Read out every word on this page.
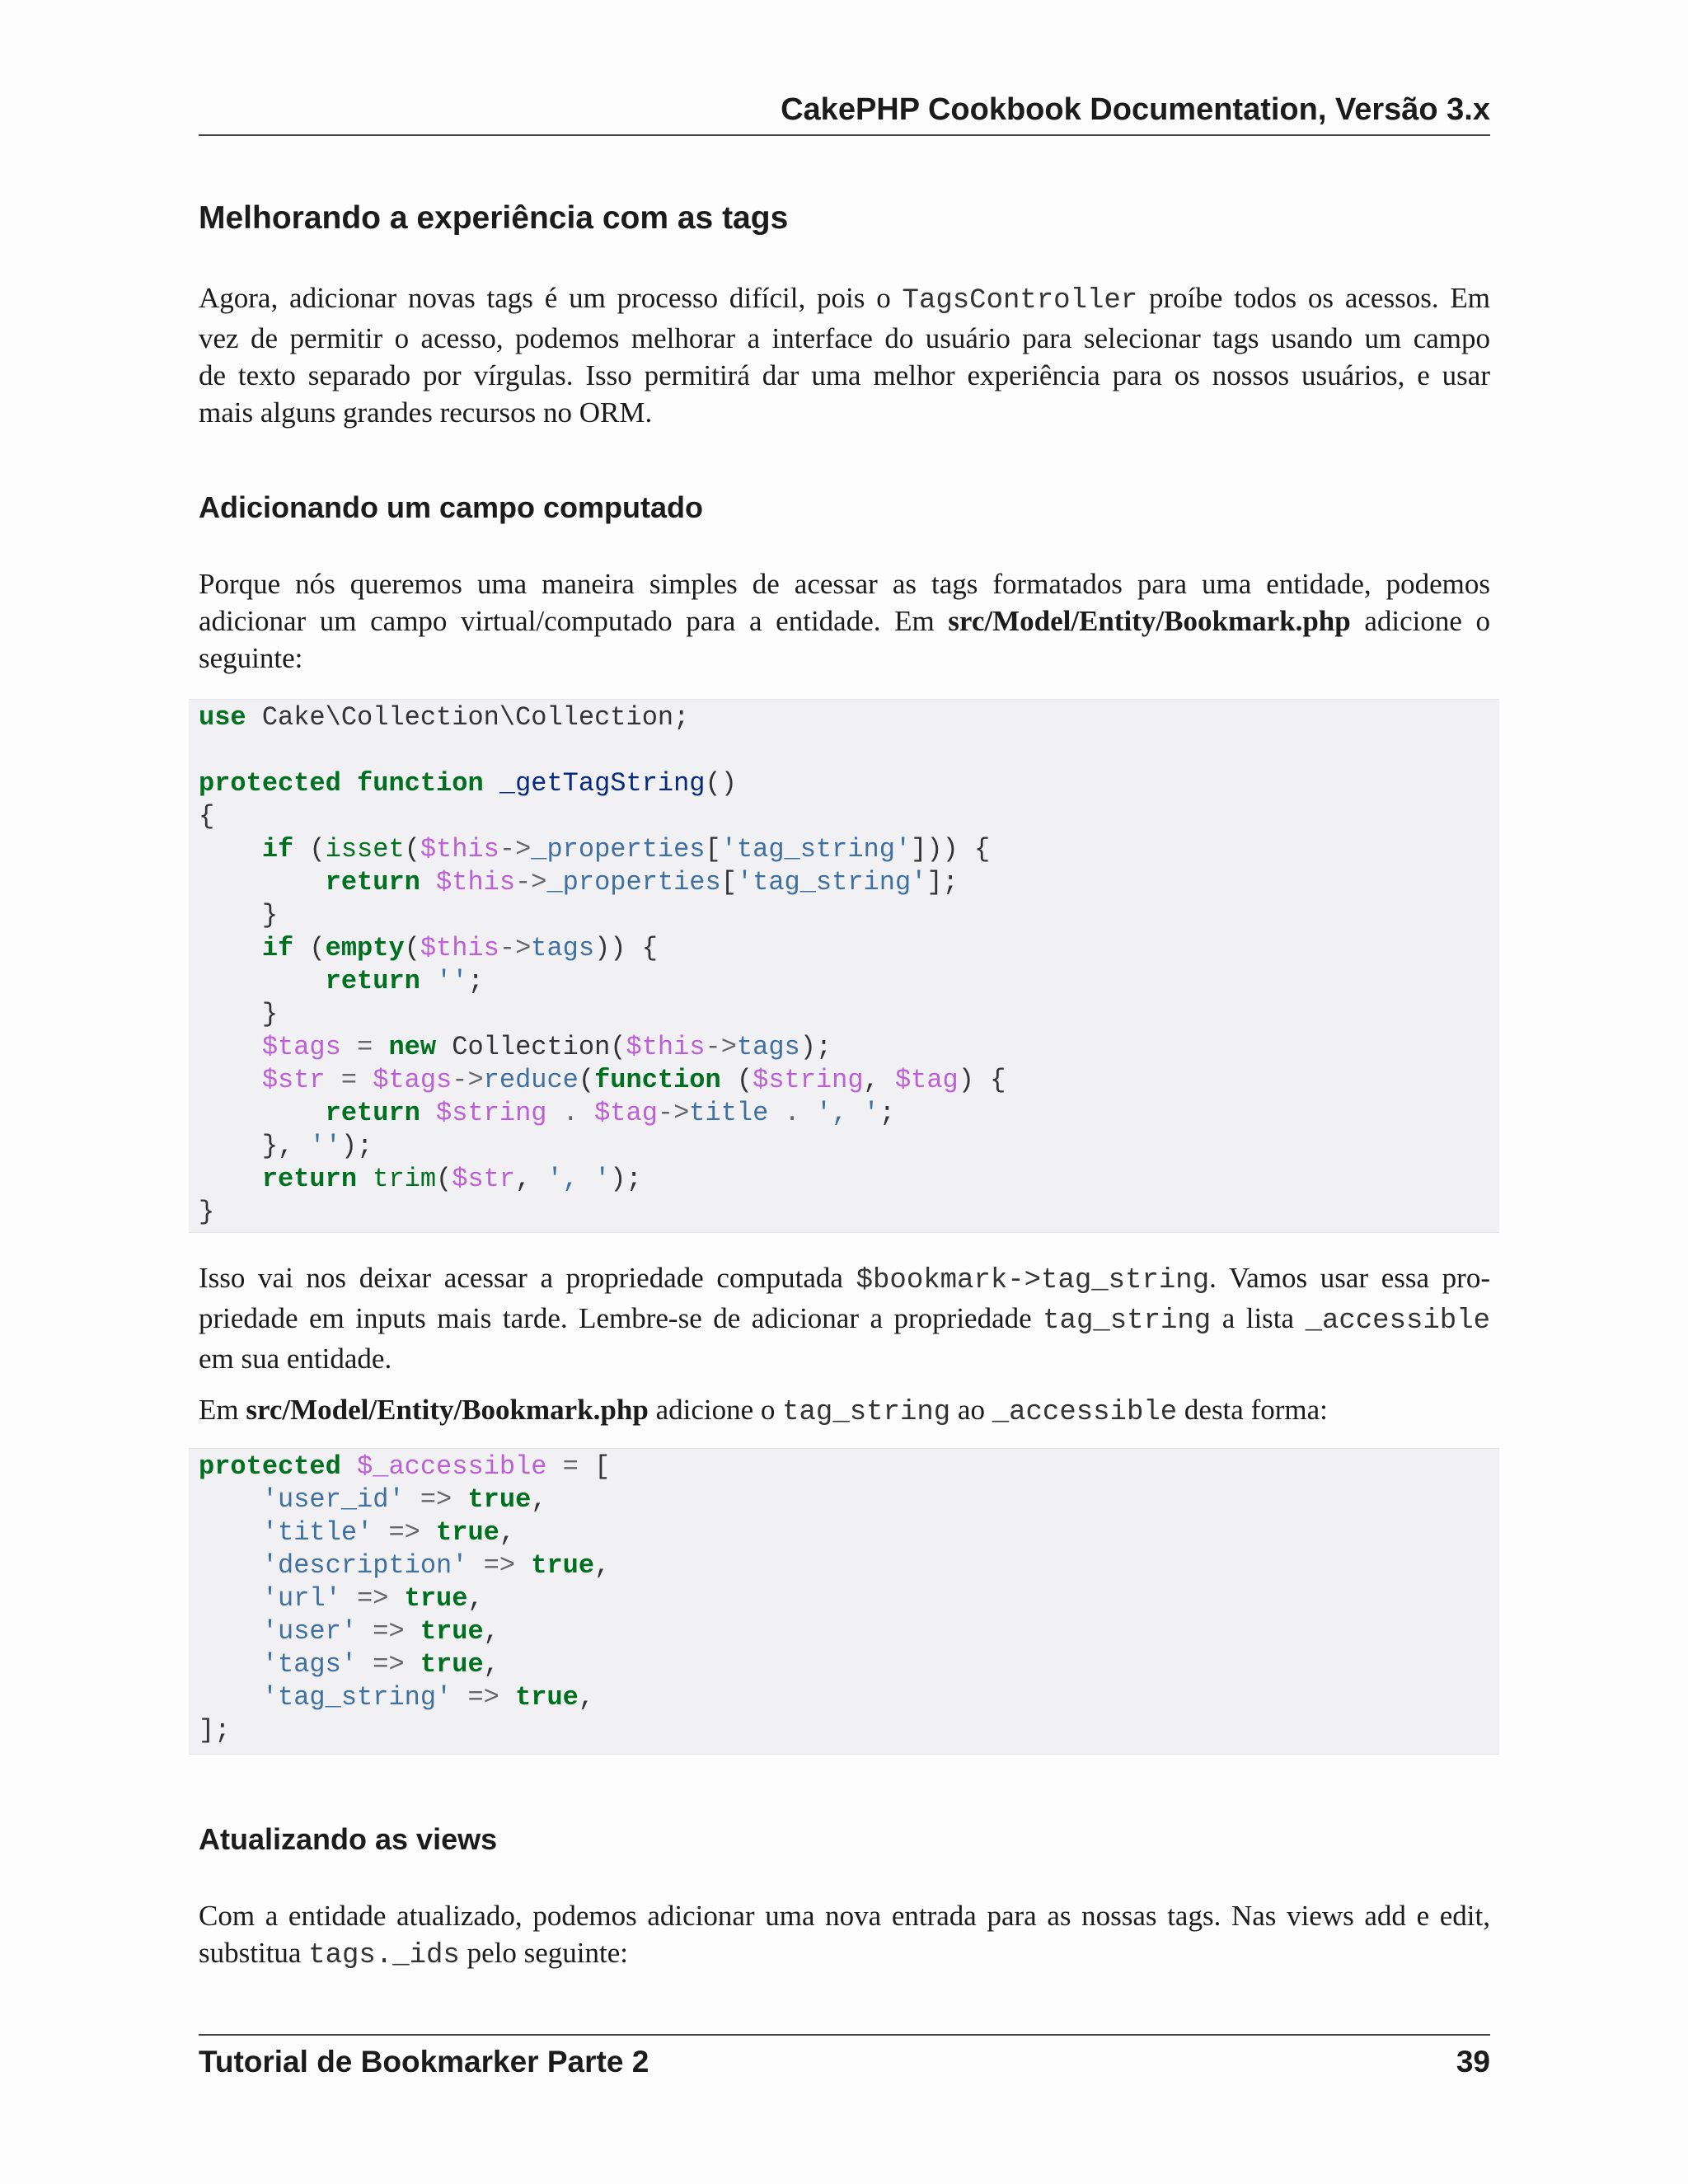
CakePHP Cookbook Documentation, Versão 3.x
Melhorando a experiência com as tags
Agora, adicionar novas tags é um processo difícil, pois o TagsController proíbe todos os acessos. Em
vez de permitir o acesso, podemos melhorar a interface do usuário para selecionar tags usando um campo
de texto separado por vírgulas. Isso permitirá dar uma melhor experiência para os nossos usuários, e usar
mais alguns grandes recursos no ORM.
Adicionando um campo computado
Porque nós queremos uma maneira simples de acessar as tags formatados para uma entidade, podemos
adicionar um campo virtual/computado para a entidade. Em src/Model/Entity/Bookmark.php adicione o
seguinte:
use Cake\Collection\Collection;

protected function _getTagString()
{
if (isset($this->_properties['tag_string'])) {
return $this->_properties['tag_string'];
}
if (empty($this->tags)) {
return '';
}
$tags = new Collection($this->tags);
$str = $tags->reduce(function ($string, $tag) {
return $string . $tag->title . ', ';
}, '');
return trim($str, ', ');
}
Isso vai nos deixar acessar a propriedade computada $bookmark->tag_string. Vamos usar essa pro-
priedade em inputs mais tarde. Lembre-se de adicionar a propriedade tag_string a lista _accessible
em sua entidade.
Em src/Model/Entity/Bookmark.php adicione o tag_string ao _accessible desta forma:
protected $_accessible = [
'user_id' => true,
'title' => true,
'description' => true,
'url' => true,
'user' => true,
'tags' => true,
'tag_string' => true,
];
Atualizando as views
Com a entidade atualizado, podemos adicionar uma nova entrada para as nossas tags. Nas views add e edit,
substitua tags._ids pelo seguinte:
Tutorial de Bookmarker Parte 2	39
